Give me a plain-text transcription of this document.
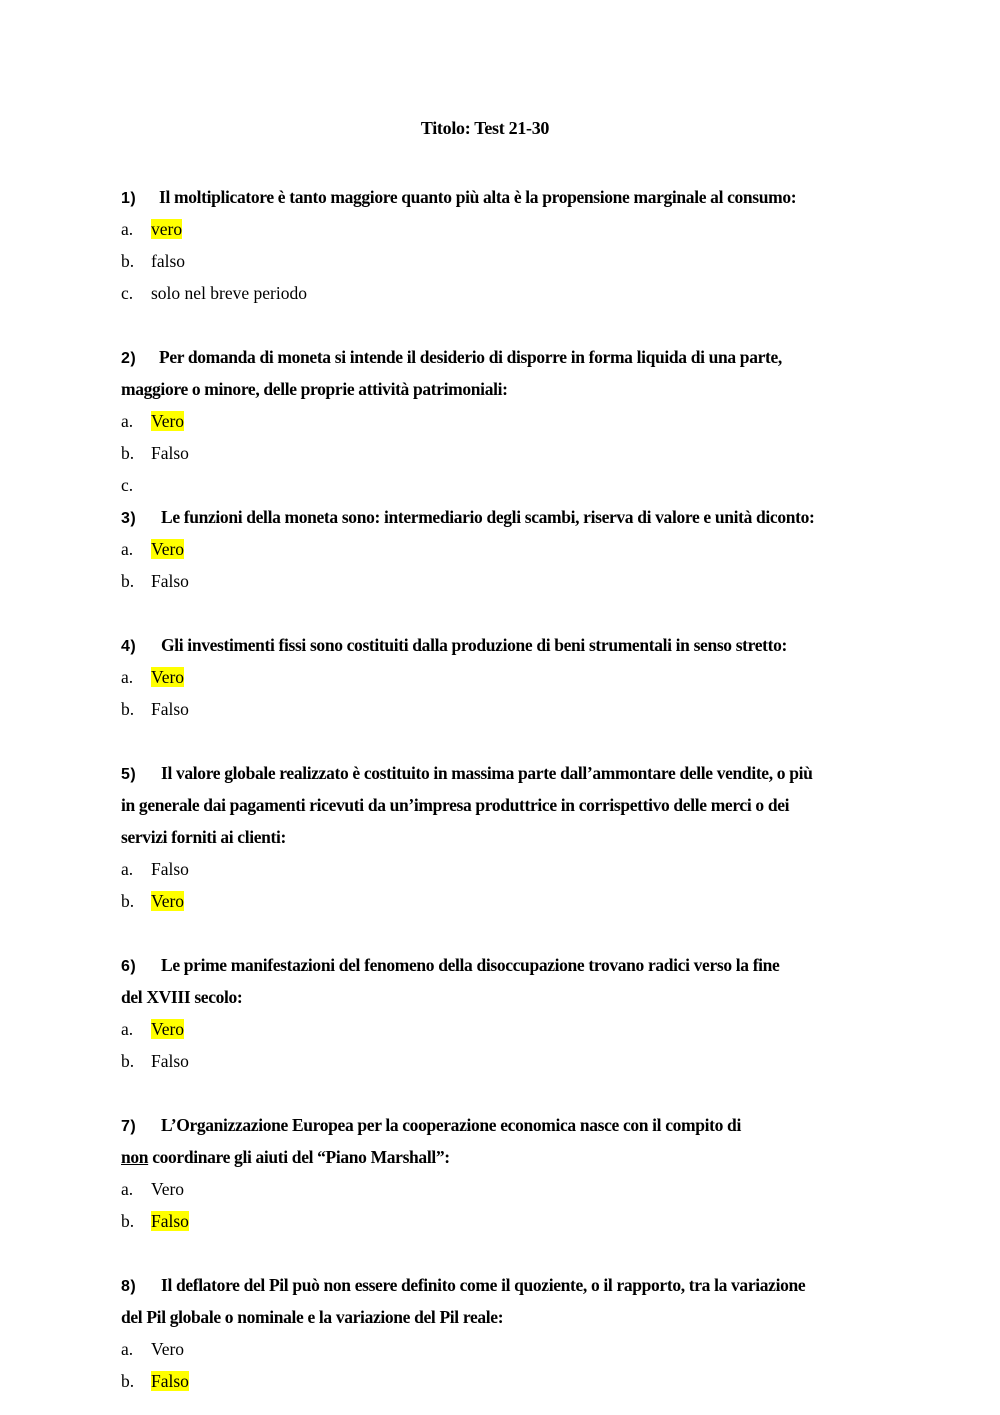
Titolo: Test 21-30
1) Il moltiplicatore è tanto maggiore quanto più alta è la propensione marginale al consumo:
a. vero
b. falso
c. solo nel breve periodo
2) Per domanda di moneta si intende il desiderio di disporre in forma liquida di una parte,
maggiore o minore, delle proprie attività patrimoniali:
a. Vero
b. Falso
c.
3) Le funzioni della moneta sono: intermediario degli scambi, riserva di valore e unità diconto:
a. Vero
b. Falso
4) Gli investimenti fissi sono costituiti dalla produzione di beni strumentali in senso stretto:
a. Vero
b. Falso
5) Il valore globale realizzato è costituito in massima parte dall’ammontare delle vendite, o più
in generale dai pagamenti ricevuti da un’impresa produttrice in corrispettivo delle merci o dei
servizi forniti ai clienti:
a. Falso
b. Vero
6) Le prime manifestazioni del fenomeno della disoccupazione trovano radici verso la fine
del XVIII secolo:
a. Vero
b. Falso
7) L’Organizzazione Europea per la cooperazione economica nasce con il compito di
non coordinare gli aiuti del “Piano Marshall”:
a. Vero
b. Falso
8) Il deflatore del Pil può non essere definito come il quoziente, o il rapporto, tra la variazione
del Pil globale o nominale e la variazione del Pil reale:
a. Vero
b. Falso
